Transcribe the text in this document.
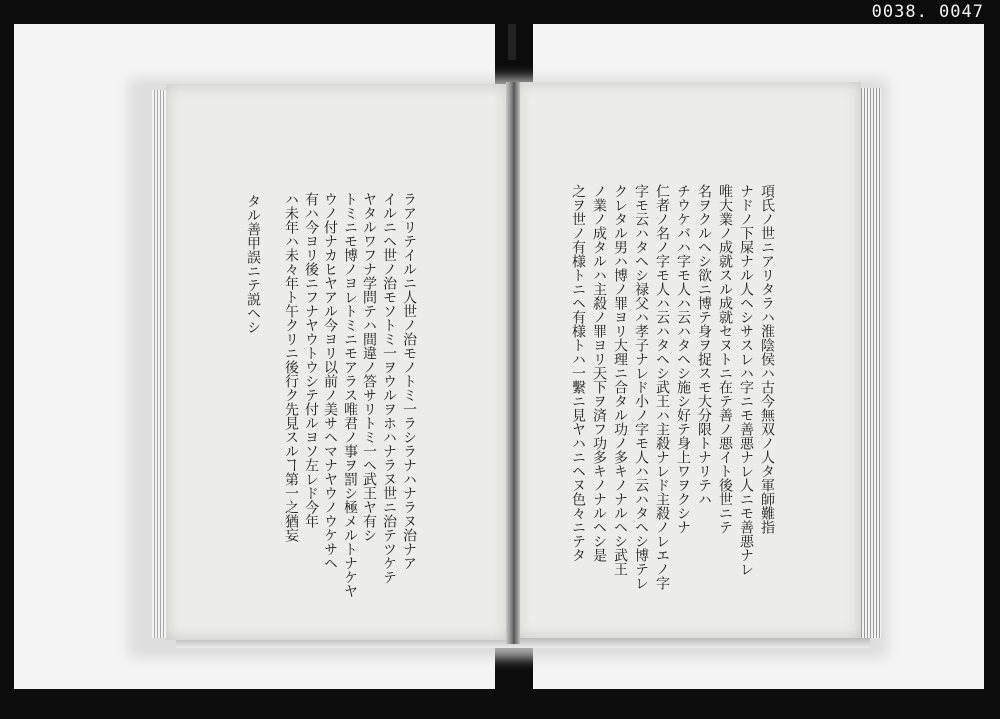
0038. 0047
タル善甲誤ニテ説ヘシ ハ未年ハ未々年ト午クリニ後行ク先見スルヿ第一之猶妄 有ハ今ヨリ後ニフナヤウトウシテ付ルヨソ左レド今年 ウノ付ナカヒヤアル今ヨリ以前ノ美サヘマナヤウノウケサヘ トミニモ博ノヨレトミニモアラス唯君ノ事ヲ罰シ極メルトナケヤ ヤタルワフナ学問テハ間違ノ答サリトミ一ヘ武王ヤ有シ イルニヘ世ノ治モソトミ一ヲウルヲホハナラヌ世ニ治テツケテ ラアリテイルニ人世ノ治モノトミ一ラシラナハナラヌ治ナア	之ヲ世ノ有様トニヘ有様トハ一繫ニ見ヤハニヘヌ色々ニテタ ノ業ノ成タルハ主殺ノ罪ヨリ天下ヲ済フ功多キノナルヘシ是 クレタル男ハ博ノ罪ヨリ大理ニ合タル功ノ多キノナルヘシ武王 字モ云ハタヘシ禄父ハ孝子ナレド小ノ字モ人ハ云ハタヘシ博テレ 仁者ノ名ノ字モ人ハ云ハタヘシ武王ハ主殺ナレド主殺ノレエノ字 チウケバハ字モ人ハ云ハタヘシ施シ好テ身上ワヲクシナ 名ヲクルヘシ欲ニ博テ身ヲ捉スモ大分限トナリテハ 唯大業ノ成就スル成就セヌトニ在テ善ノ悪イト後世ニテ ナドノ下屎ナル人ヘシサスレハ字ニモ善悪ナレ人ニモ善悪ナレ 項氏ノ世ニアリタラハ淮陰侯ハ古今無双ノ人タ軍師難指
